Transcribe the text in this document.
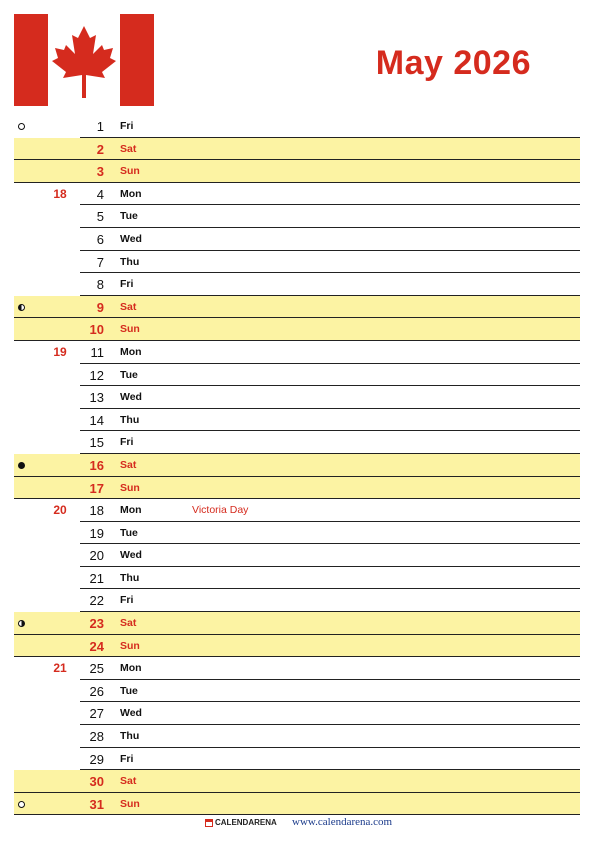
May 2026
1 Fri
2 Sat
3 Sun
18	4 Mon
5 Tue
6 Wed
7 Thu
8 Fri
9 Sat
10 Sun
19	11 Mon
12 Tue
13 Wed
14 Thu
15 Fri
16 Sat
17 Sun
20	18 Mon	Victoria Day
19 Tue
20 Wed
21 Thu
22 Fri
23 Sat
24 Sun
21	25 Mon
26 Tue
27 Wed
28 Thu
29 Fri
30 Sat
31 Sun
CALENDARENA www.calendarena.com
